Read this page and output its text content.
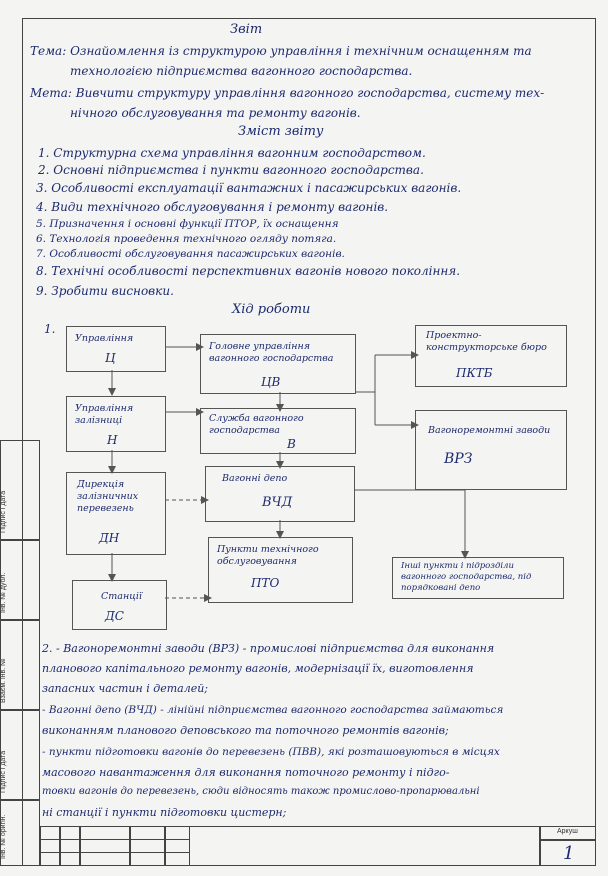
Підпис і дата
Інв. № дубл.
Взаєм. інв. №
Підпис і дата
Інв. № оригін.	Аркуш
1
Звіт
Тема: Ознайомлення із структурою управління і технічним оснащенням та
технологією підприємства вагонного господарства.
Мета: Вивчити структуру управління вагонного господарства, систему тех-
нічного обслуговування та ремонту вагонів.
Зміст звіту
1. Структурна схема управління вагонним господарством.
2. Основні підприємства і пункти вагонного господарства.
3. Особливості експлуатації вантажних і пасажирських вагонів.
4. Види технічного обслуговування і ремонту вагонів.
5. Призначення і основні функції ПТОР, їх оснащення
6. Технологія проведення технічного огляду потяга.
7. Особливості обслуговування пасажирських вагонів.
8. Технічні особливості перспективних вагонів нового покоління.
9. Зробити висновки.
Хід роботи
1.
Управління
Ц
Управління залізниці
Н
Дирекція залізничних перевезень
ДН
Станції
ДС
Головне управління вагонного господарства
ЦВ
Служба вагонного господарства
В
Вагонні депо
ВЧД
Пункти технічного обслуговування
ПТО
Проектно-конструкторське бюро
ПКТБ
Вагоноремонтні заводи
ВРЗ
Інші пункти і підрозділи вагонного господарства, під порядковані депо
2. - Вагоноремонтні заводи (ВРЗ) - промислові підприємства для виконання
планового капітального ремонту вагонів, модернізації їх, виготовлення
запасних частин і деталей;
- Вагонні депо (ВЧД) - лінійні підприємства вагонного господарства займаються
виконанням планового деповського та поточного ремонтів вагонів;
- пункти підготовки вагонів до перевезень (ПВВ), які розташовуються в місцях
масового навантаження для виконання поточного ремонту і підго-
товки вагонів до перевезень, сюди відносять також промислово-пропарювальні
ні станції і пункти підготовки цистерн;
